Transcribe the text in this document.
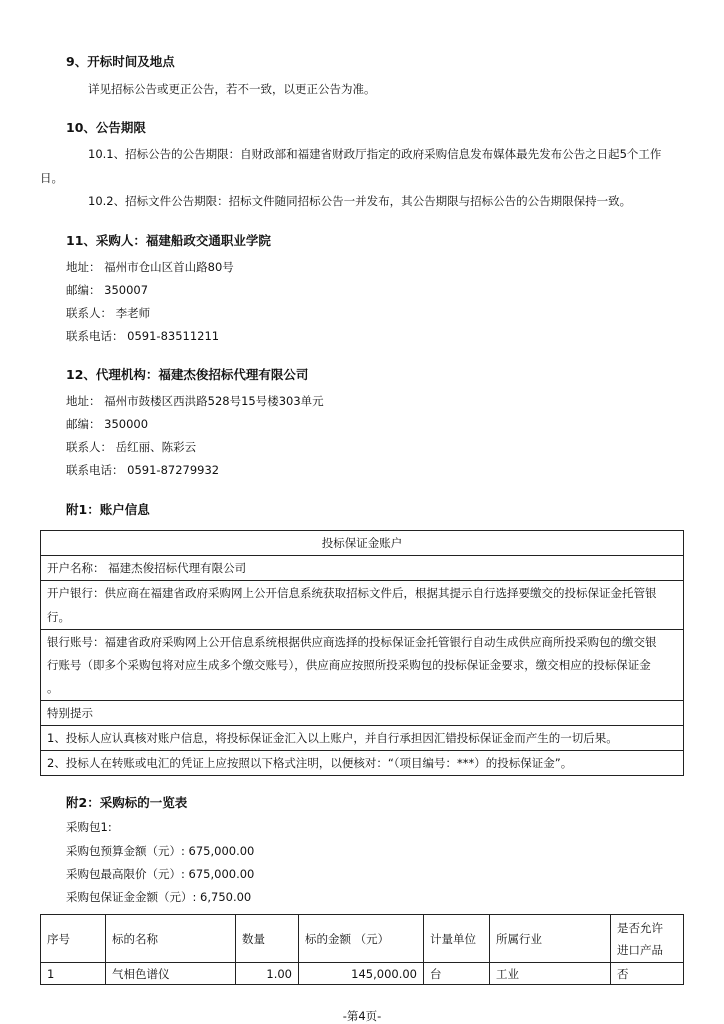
9、开标时间及地点
详见招标公告或更正公告，若不一致，以更正公告为准。
10、公告期限
10.1、招标公告的公告期限：自财政部和福建省财政厅指定的政府采购信息发布媒体最先发布公告之日起5个工作
日。
10.2、招标文件公告期限：招标文件随同招标公告一并发布，其公告期限与招标公告的公告期限保持一致。
11、采购人：福建船政交通职业学院
地址： 福州市仓山区首山路80号
邮编： 350007
联系人： 李老师
联系电话： 0591-83511211
12、代理机构：福建杰俊招标代理有限公司
地址： 福州市鼓楼区西洪路528号15号楼303单元
邮编： 350000
联系人： 岳红丽、陈彩云
联系电话： 0591-87279932
附1：账户信息
投标保证金账户
开户名称： 福建杰俊招标代理有限公司

开户银行：供应商在福建省政府采购网上公开信息系统获取招标文件后，根据其提示自行选择要缴交的投标保证金托管银
行。

银行账号：福建省政府采购网上公开信息系统根据供应商选择的投标保证金托管银行自动生成供应商所投采购包的缴交银
行账号（即多个采购包将对应生成多个缴交账号），供应商应按照所投采购包的投标保证金要求，缴交相应的投标保证金
。

特别提示
1、投标人应认真核对账户信息，将投标保证金汇入以上账户，并自行承担因汇错投标保证金而产生的一切后果。
2、投标人在转账或电汇的凭证上应按照以下格式注明，以便核对：“（项目编号：***）的投标保证金”。
附2：采购标的一览表
采购包1:
采购包预算金额（元）: 675,000.00
采购包最高限价（元）: 675,000.00
采购包保证金金额（元）: 6,750.00
序号	标的名称	数量	标的金额 （元）	计量单位	所属行业	是否允许
进口产品

1	气相色谱仪	1.00	145,000.00	台	工业	否
-第4页-
